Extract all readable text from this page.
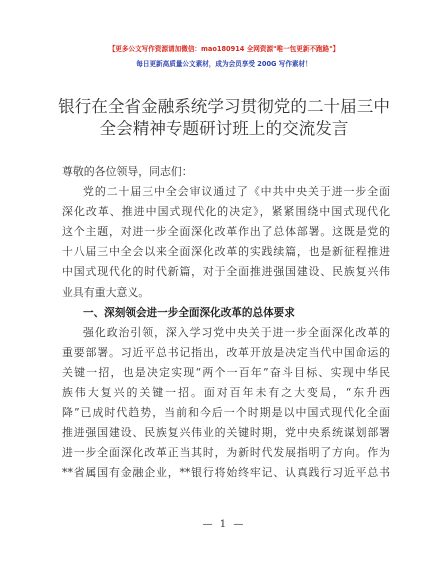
【更多公文写作资源请加微信：mao180914 全网资源"唯一包更新不跑路"】
每日更新高质量公文素材，成为会员享受 200G 写作素材！
银行在全省金融系统学习贯彻党的二十届三中
全会精神专题研讨班上的交流发言
尊敬的各位领导，同志们：
党的二十届三中全会审议通过了《中共中央关于进一步全面
深化改革、推进中国式现代化的决定》，紧紧围绕中国式现代化
这个主题，对进一步全面深化改革作出了总体部署。这既是党的
十八届三中全会以来全面深化改革的实践续篇，也是新征程推进
中国式现代化的时代新篇，对于全面推进强国建设、民族复兴伟
业具有重大意义。
一、深刻领会进一步全面深化改革的总体要求
强化政治引领，深入学习党中央关于进一步全面深化改革的
重要部署。习近平总书记指出，改革开放是决定当代中国命运的
关键一招，也是决定实现“两个一百年”奋斗目标、实现中华民
族伟大复兴的关键一招。面对百年未有之大变局，“东升西
降”已成时代趋势，当前和今后一个时期是以中国式现代化全面
推进强国建设、民族复兴伟业的关键时期，党中央系统谋划部署
进一步全面深化改革正当其时，为新时代发展指明了方向。作为
**省属国有金融企业，**银行将始终牢记、认真践行习近平总书
— 1 —
